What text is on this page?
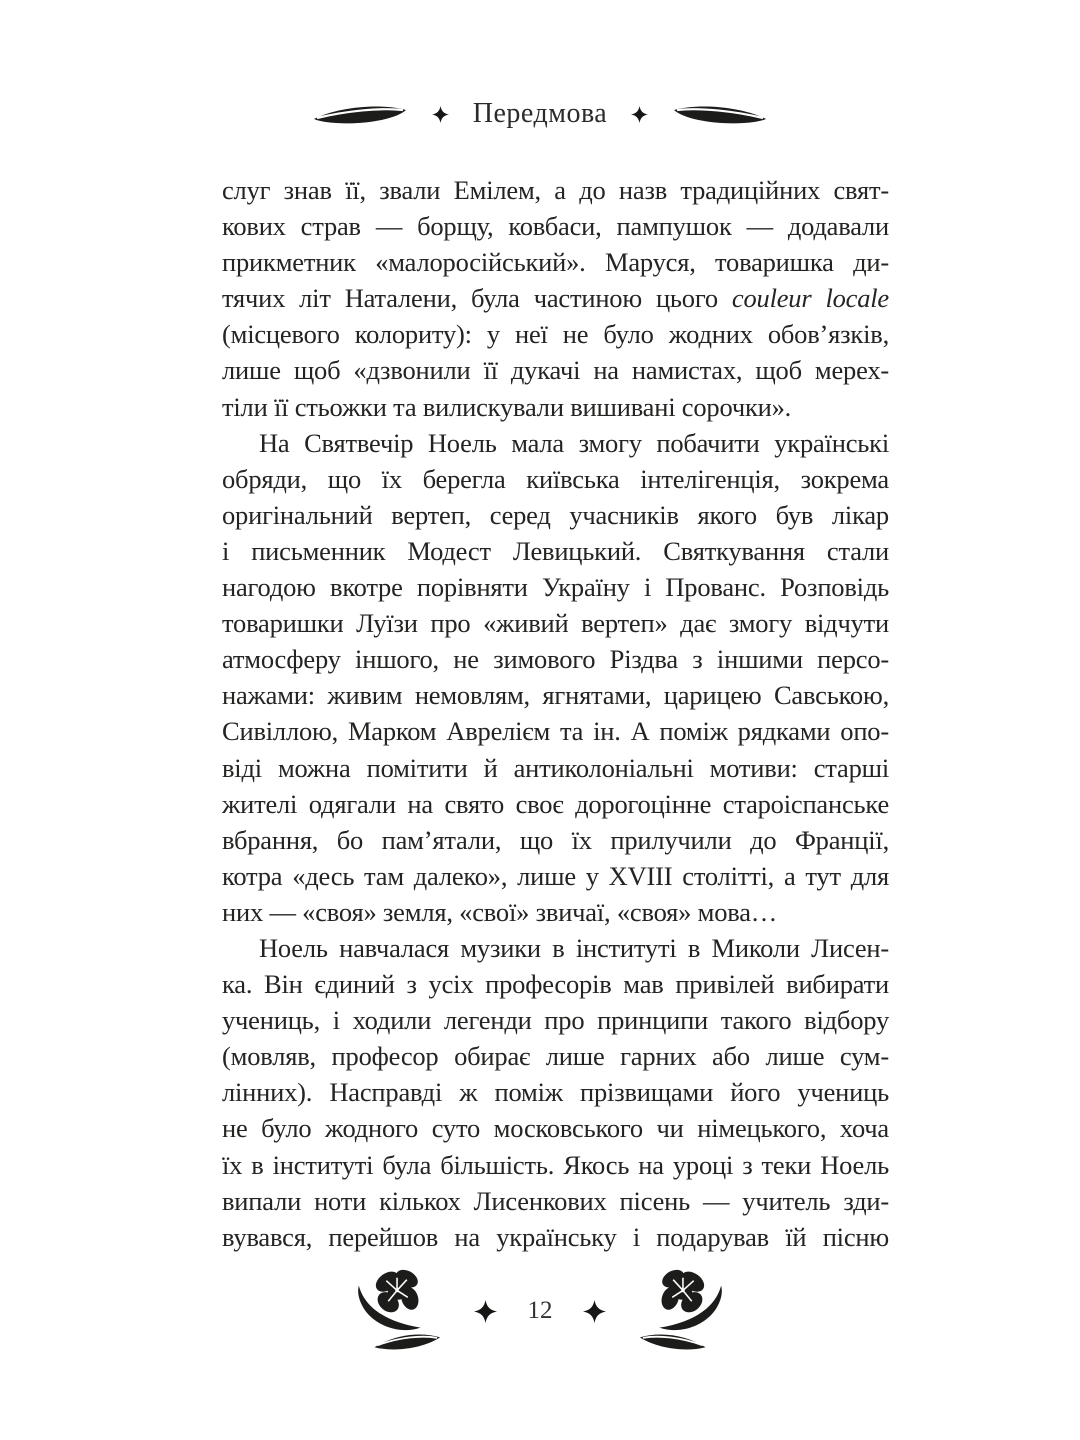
Передмова
слуг знав її, звали Емілем, а до назв традиційних свят-
кових страв — борщу, ковбаси, пампушок — додавали
прикметник «малоросійський». Маруся, товаришка ди-
тячих літ Наталени, була частиною цього couleur locale
(місцевого колориту): у неї не було жодних обов’язків,
лише щоб «дзвонили її дукачі на намистах, щоб мерех-
тіли її стьожки та вилискували вишивані сорочки».
На Святвечір Ноель мала змогу побачити українські
обряди, що їх берегла київська інтелігенція, зокрема
оригінальний вертеп, серед учасників якого був лікар
і письменник Модест Левицький. Святкування стали
нагодою вкотре порівняти Україну і Прованс. Розповідь
товаришки Луїзи про «живий вертеп» дає змогу відчути
атмосферу іншого, не зимового Різдва з іншими персо-
нажами: живим немовлям, ягнятами, царицею Савською,
Сивіллою, Марком Аврелієм та ін. А поміж рядками опо-
віді можна помітити й антиколоніальні мотиви: старші
жителі одягали на свято своє дорогоцінне староіспанське
вбрання, бо пам’ятали, що їх прилучили до Франції,
котра «десь там далеко», лише у XVIII столітті, а тут для
них — «своя» земля, «свої» звичаї, «своя» мова…
Ноель навчалася музики в інституті в Миколи Лисен-
ка. Він єдиний з усіх професорів мав привілей вибирати
учениць, і ходили легенди про принципи такого відбору
(мовляв, професор обирає лише гарних або лише сум-
лінних). Насправді ж поміж прізвищами його учениць
не було жодного суто московського чи німецького, хоча
їх в інституті була більшість. Якось на уроці з теки Ноель
випали ноти кількох Лисенкових пісень — учитель зди-
вувався, перейшов на українську і подарував їй пісню
12
